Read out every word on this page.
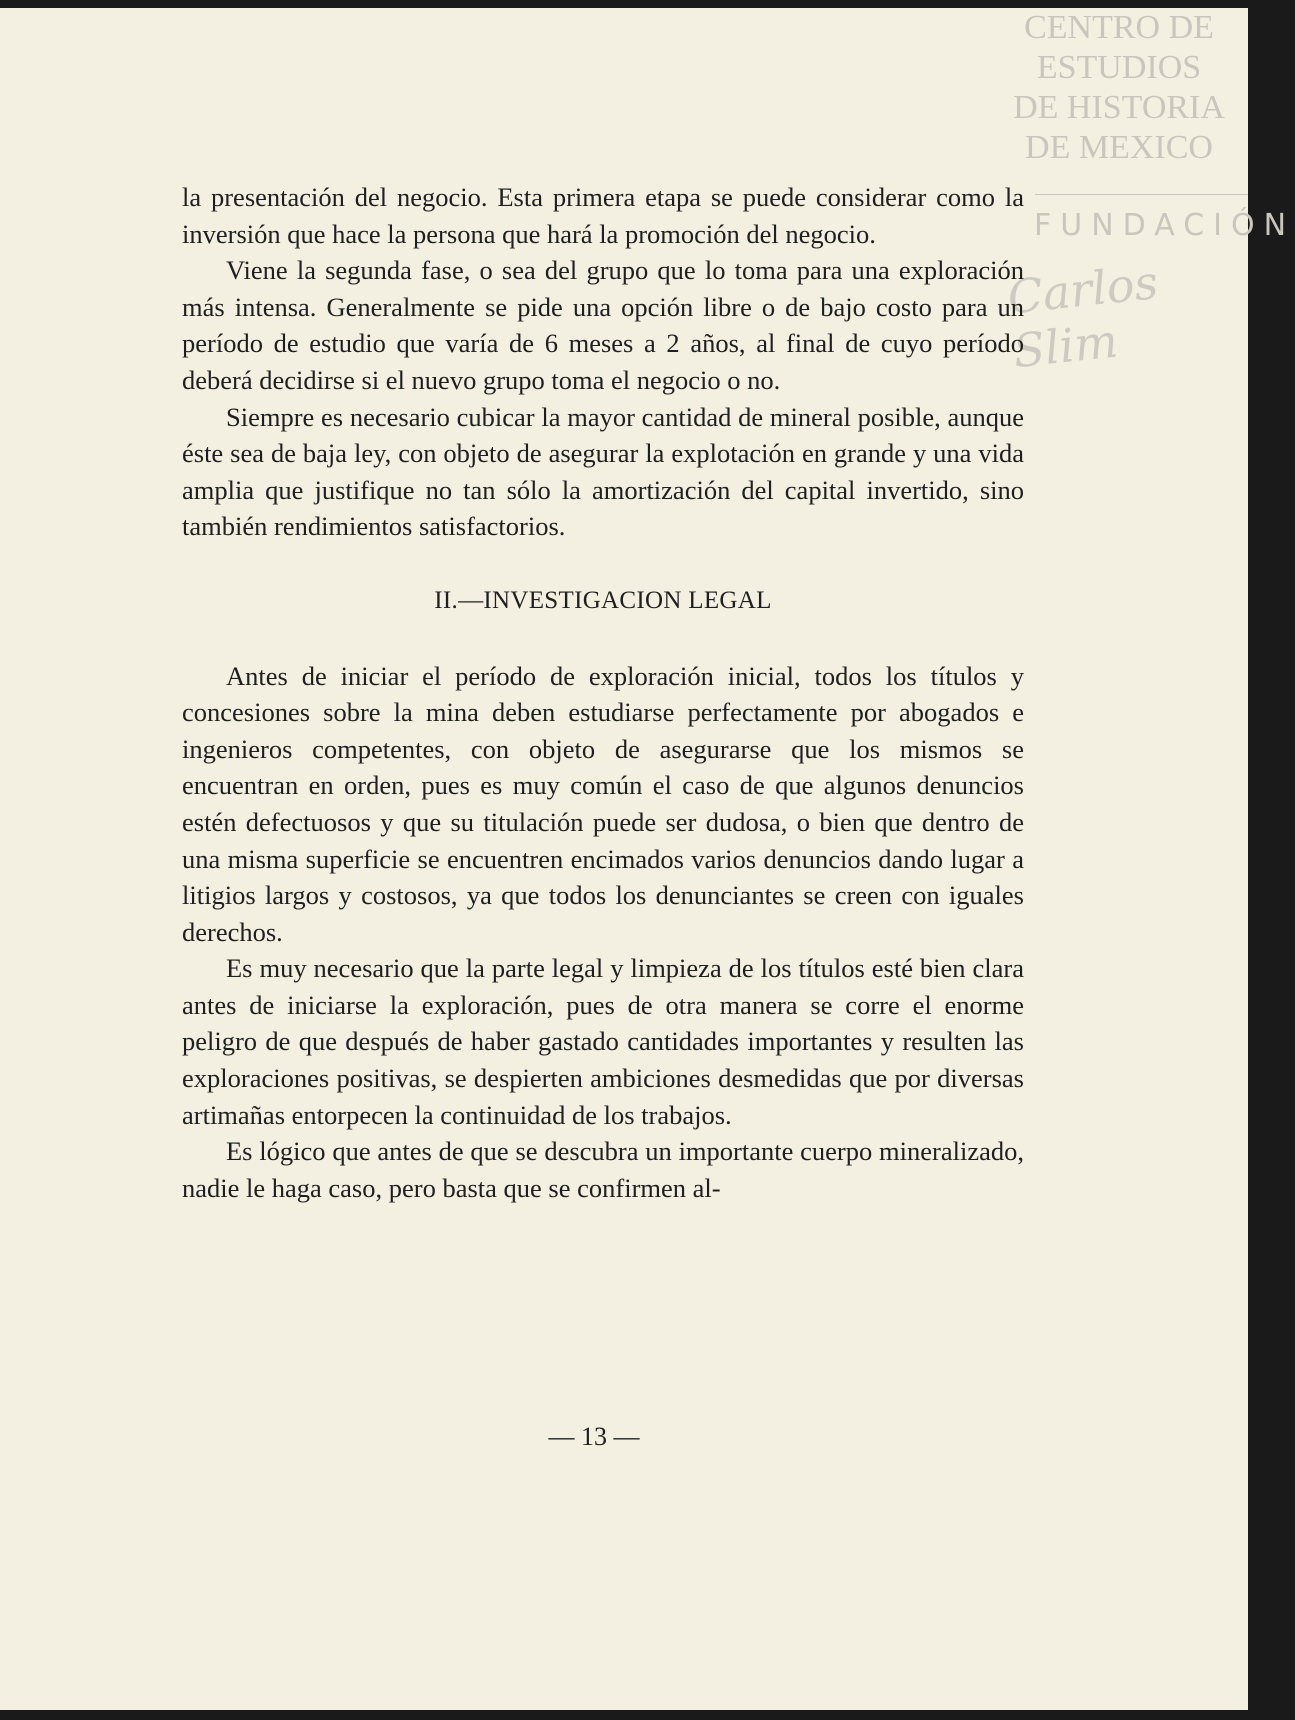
CENTRO DE
ESTUDIOS
DE HISTORIA
DE MEXICO
FUNDACIÓN
Carlos Slim

la presentación del negocio. Esta primera etapa se puede considerar como la inversión que hace la persona que hará la promoción del negocio.

Viene la segunda fase, o sea del grupo que lo toma para una exploración más intensa. Generalmente se pide una opción libre o de bajo costo para un período de estudio que varía de 6 meses a 2 años, al final de cuyo período deberá decidirse si el nuevo grupo toma el negocio o no.

Siempre es necesario cubicar la mayor cantidad de mineral posible, aunque éste sea de baja ley, con objeto de asegurar la explotación en grande y una vida amplia que justifique no tan sólo la amortización del capital invertido, sino también rendimientos satisfactorios.

II.—INVESTIGACION LEGAL

Antes de iniciar el período de exploración inicial, todos los títulos y concesiones sobre la mina deben estudiarse perfectamente por abogados e ingenieros competentes, con objeto de asegurarse que los mismos se encuentran en orden, pues es muy común el caso de que algunos denuncios estén defectuosos y que su titulación puede ser dudosa, o bien que dentro de una misma superficie se encuentren encimados varios denuncios dando lugar a litigios largos y costosos, ya que todos los denunciantes se creen con iguales derechos.

Es muy necesario que la parte legal y limpieza de los títulos esté bien clara antes de iniciarse la exploración, pues de otra manera se corre el enorme peligro de que después de haber gastado cantidades importantes y resulten las exploraciones positivas, se despierten ambiciones desmedidas que por diversas artimañas entorpecen la continuidad de los trabajos.

Es lógico que antes de que se descubra un importante cuerpo mineralizado, nadie le haga caso, pero basta que se confirmen al-

— 13 —
